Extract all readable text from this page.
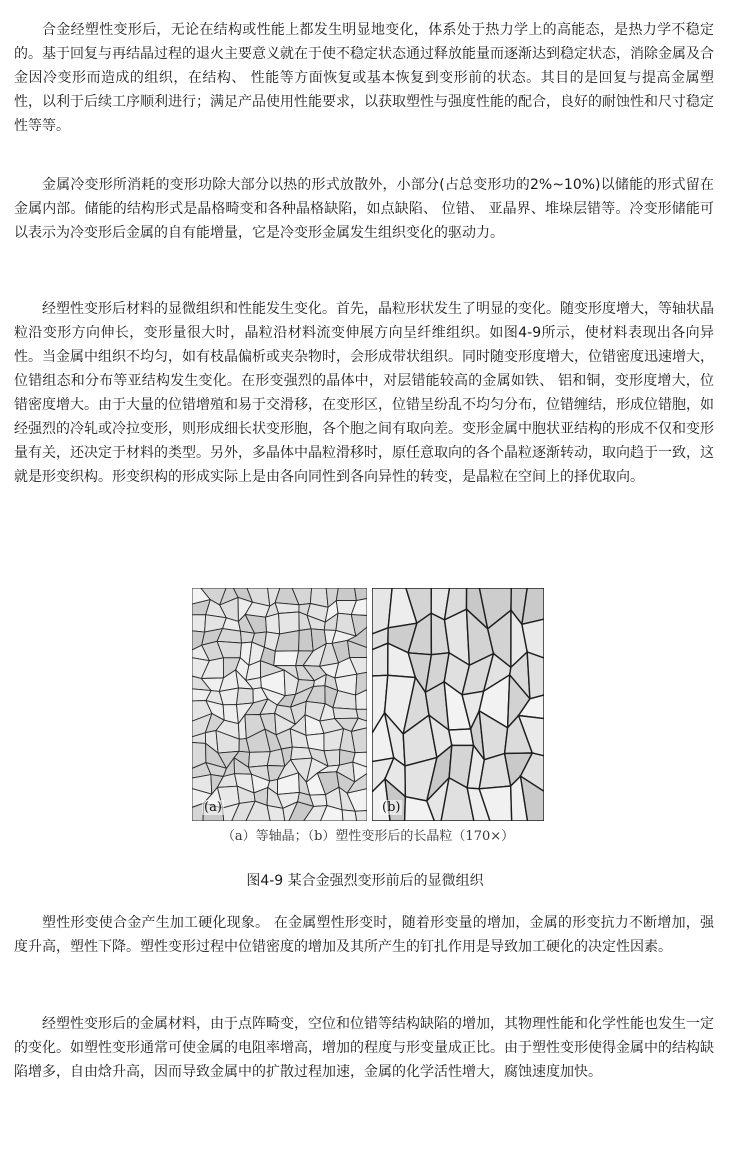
合金经塑性变形后，无论在结构或性能上都发生明显地变化，体系处于热力学上的高能态，是热力学不稳定的。基于回复与再结晶过程的退火主要意义就在于使不稳定状态通过释放能量而逐渐达到稳定状态，消除金属及合金因冷变形而造成的组织，在结构、 性能等方面恢复或基本恢复到变形前的状态。其目的是回复与提高金属塑性，以利于后续工序顺利进行；满足产品使用性能要求，以获取塑性与强度性能的配合，良好的耐蚀性和尺寸稳定性等等。

金属冷变形所消耗的变形功除大部分以热的形式放散外，小部分(占总变形功的2%~10%)以储能的形式留在金属内部。储能的结构形式是晶格畸变和各种晶格缺陷，如点缺陷、 位错、 亚晶界、堆垛层错等。冷变形储能可以表示为冷变形后金属的自有能增量，它是冷变形金属发生组织变化的驱动力。

经塑性变形后材料的显微组织和性能发生变化。首先，晶粒形状发生了明显的变化。随变形度增大，等轴状晶粒沿变形方向伸长，变形量很大时，晶粒沿材料流变伸展方向呈纤维组织。如图4-9所示，使材料表现出各向异性。当金属中组织不均匀，如有枝晶偏析或夹杂物时，会形成带状组织。同时随变形度增大，位错密度迅速增大，位错组态和分布等亚结构发生变化。在形变强烈的晶体中，对层错能较高的金属如铁、 铝和铜，变形度增大，位错密度增大。由于大量的位错增殖和易于交滑移，在变形区，位错呈纷乱不均匀分布，位错缠结，形成位错胞，如经强烈的冷轧或冷拉变形，则形成细长状变形胞，各个胞之间有取向差。变形金属中胞状亚结构的形成不仅和变形量有关，还决定于材料的类型。另外，多晶体中晶粒滑移时，原任意取向的各个晶粒逐渐转动，取向趋于一致，这就是形变织构。形变织构的形成实际上是由各向同性到各向异性的转变，是晶粒在空间上的择优取向。

塑性形变使合金产生加工硬化现象。 在金属塑性形变时，随着形变量的增加，金属的形变抗力不断增加，强度升高，塑性下降。塑性变形过程中位错密度的增加及其所产生的钉扎作用是导致加工硬化的决定性因素。

经塑性变形后的金属材料，由于点阵畸变，空位和位错等结构缺陷的增加，其物理性能和化学性能也发生一定的变化。如塑性变形通常可使金属的电阻率增高，增加的程度与形变量成正比。由于塑性变形使得金属中的结构缺陷增多，自由焓升高，因而导致金属中的扩散过程加速，金属的化学活性增大，腐蚀速度加快。

(a)	(b)
（a）等轴晶；（b）塑性变形后的长晶粒（170×）
图4-9 某合金强烈变形前后的显微组织
